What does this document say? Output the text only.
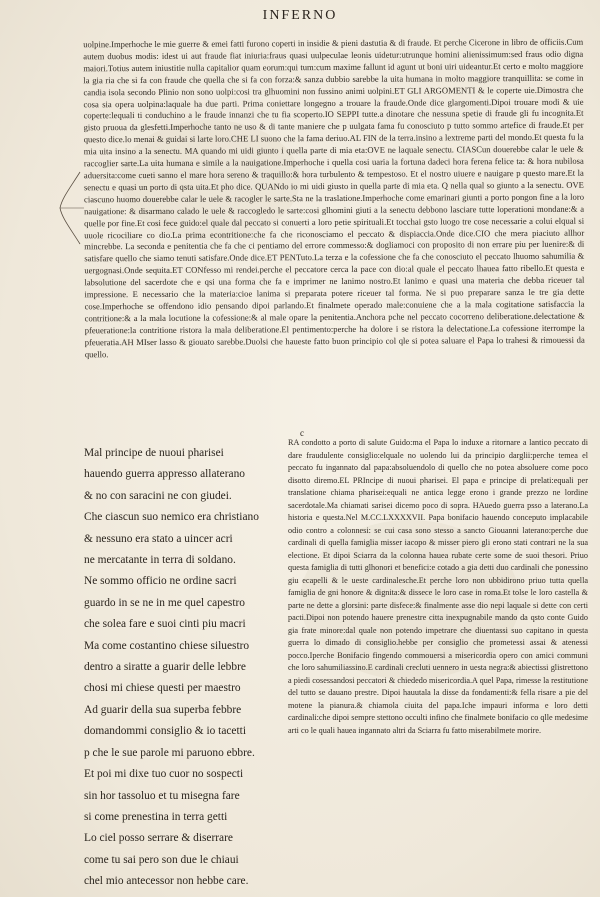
INFERNO
uolpine.Imperhoche le mie guerre & emei fatti furono coperti in insidie & pieni dastutia & di fraude. Et perche Cicerone in libro de officiis.Cum autem duobus modis: idest ui aut fraude fiat iniuria:fraus quasi uulpeculae leonis uidetur:utrunque homini alienissimum:sed fraus odio digna maiori.Totius autem iniustitie nulla capitalior quam eorum:qui tum:cum maxime fallunt id agunt ut boni uiri uideantur.Et certo e molto maggiore la gia ria che si fa con fraude che quella che si fa con forza:& sanza dubbio sarebbe la uita humana in molto maggiore tranquillita: se come in candia isola secondo Plinio non sono uolpi:cosi tra glhuomini non fussino animi uolpini.ET GLI ARGOMENTI & le coperte uie.Dimostra che cosa sia opera uolpina:laquale ha due parti. Prima coniettare longegno a trouare la fraude.Onde dice glargomenti.Dipoi trouare modi & uie coperte:lequali ti conduchino a le fraude innanzi che tu fia scoperto.IO SEPPI tutte.a dinotare che nessuna spetie di fraude gli fu incognita.Et gisto pruoua da glesfetti.Imperhoche tanto ne uso & di tante maniere che p uulgata fama fu conosciuto p tutto sommo artefice di fraude.Et per questo dice.lo menai & guidai si larte loro.CHE LI suono che la fama deriuo.AL FIN de la terra.insino a lextreme parti del mondo.Et questa fu la mia uita insino a la senectu. MA quando mi uidi giunto i quella parte di mia eta:OVE ne laquale senectu. CIASCun douerebbe calar le uele & raccoglier sarte.La uita humana e simile a la nauigatione.Imperhoche i quella cosi uaria la fortuna dadeci hora ferena felice ta: & hora nubilosa aduersita:come cueti sanno el mare hora sereno & traquillo:& hora turbulento & tempestoso. Et el nostro uiuere e nauigare p questo mare.Et la senectu e quasi un porto di qsta uita.Et pho dice. QUANdo io mi uidi giusto in quella parte di mia eta. Q nella qual so giunto a la senectu. OVE ciascuno huomo douerebbe calar le uele & racogler le sarte.Sta ne la traslatione.Imperhoche come emarinari giunti a porto pongon fine a la loro nauigatione: & disarmano calado le uele & raccogledo le sarte:cosi glhomini giuti a la senectu debbono lasciare tutte loperationi mondane:& a quelle por fine.Et cosi fece guido:el quale dal peccato si conuerti a loro petie spirituali.Et tocchai gsto luogo tre cose necessarie a colui elqual si uuole ricociliare co dio.La prima econtritione:che fa che riconosciamo el peccato & dispiaccia.Onde dice.CIO che mera piaciuto allhor mincrebbe. La seconda e penitentia che fa che ci pentiamo del errore commesso:& dogliamoci con proposito di non errare piu per luenire:& di satisfare quello che siamo tenuti satisfare.Onde dice.ET PENTuto.La terza e la cofessione che fa che conosciuto el peccato lhuomo sahumilia & uergognasi.Onde sequita.ET CONfesso mi rendei.perche el peccatore cerca la pace con dio:al quale el peccato lhauea fatto ribello.Et questa e labsolutione del sacerdote che e qsi una forma che fa e imprimer ne lanimo nostro.Et lanimo e quasi una materia che debba riceuer tal impressione. E necessario che la materia:cioe lanima si preparata potere riceuer tal forma. Ne si puo preparare sanza le tre gia dette cose.Imperhoche se offendono idio pensando dipoi parlando.Et finalmete operado male:conuiene che a la mala cogitatione satisfaccia la contritione:& a la mala locutione la cofessione:& al male opare la penitentia.Anchora pche nel peccato cocorreno deliberatione.delectatione & pfeueratione:la contritione ristora la mala deliberatione.El pentimento:perche ha dolore i se ristora la delectatione.La cofessione iterrompe la pfeueratia.AH MIser lasso & giouato sarebbe.Duolsi che haueste fatto buon principio col qle si potea saluare el Papa lo trahesi & rimouessi da quello.
Mal principe de nuoui pharisei
hauendo guerra appresso allaterano
& no con saracini ne con giudei.
Che ciascun suo nemico era christiano
& nessuno era stato a uincer acri
ne mercatante in terra di soldano.
Ne sommo officio ne ordine sacri
guardo in se ne in me quel capestro
che solea fare e suoi cinti piu macri
Ma come costantino chiese siluestro
dentro a siratte a guarir delle lebbre
chosi mi chiese questi per maestro
Ad guarir della sua superba febbre
domandommi consiglio & io tacetti
p che le sue parole mi paruono ebbre.
Et poi mi dixe tuo cuor no sospecti
sin hor tassoluo et tu misegna fare
si come prenestina in terra getti
Lo ciel posso serrare & diserrare
come tu sai pero son due le chiaui
chel mio antecessor non hebbe care.
c
RA condotto a porto di salute Guido:ma el Papa lo induxe a ritornare a lantico peccato di dare fraudulente consiglio:elquale no uolendo lui da principio darglii:perche temea el peccato fu ingannato dal papa:absoluendolo di quello che no potea absoluere come poco disotto diremo.EL PRIncipe di nuoui pharisei. El papa e principe di prelati:equali per translatione chiama pharisei:equali ne antica legge erono i grande prezzo ne lordine sacerdotale.Ma chiamati sarisei dicemo poco di sopra. HAuedo guerra psso a laterano.La historia e questa.Nel M.CC.LXXXXVII. Papa bonifacio hauendo conceputo implacabile odio contro a colonnesi: se cui casa sono stesso a sancto Giouanni laterano:perche due cardinali di quella famiglia misser iacopo & misser piero gli erono stati contrari ne la sua electione. Et dipoi Sciarra da la colonna hauea rubate certe some de suoi thesori. Priuo questa famiglia di tutti glhonori et benefici:e cotado a gia detti duo cardinali che ponessino giu ecapelli & le ueste cardinalesche.Et perche loro non ubbidirono priuo tutta quella famiglia de gni honore & dignita:& dissece le loro case in roma.Et tolse le loro castella & parte ne dette a glorsini: parte disfece:& finalmente asse dio nepi laquale si dette con certi pacti.Dipoi non potendo hauere prenestre citta inexpugnabile mando da qsto conte Guido gia frate minore:dal quale non potendo impetrare che diuentassi suo capitano in questa guerra lo dimado di consiglio.hebbe per consiglio che prometessi assai & atenessi pocco.Iperche Bonifacio fingendo commouersi a misericordia opero con amici communi che loro sahumiliassino.E cardinali crecluti uennero in uesta negra:& abiectissi glistrettono a piedi cosessandosi peccatori & chiededo misericordia.A quel Papa, rimesse la restitutione del tutto se dauano prestre. Dipoi hauutala la disse da fondamenti:& fella risare a pie del motene la pianura.& chiamola ciuita del papa.Iche impauri informa e loro detti cardinali:che dipoi sempre stettono occulti infino che finalmete bonifacio co qlle medesime arti co le quali hauea ingannato altri da Sciarra fu fatto miserabilmete morire.
